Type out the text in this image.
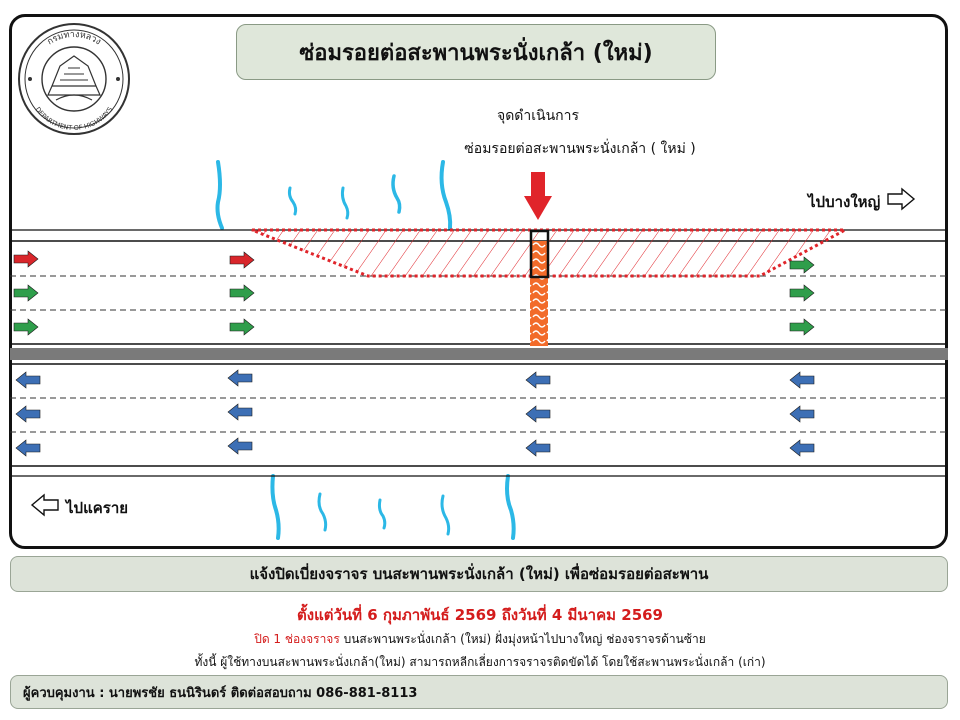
กรมทางหลวง
DEPARTMENT OF HIGHWAYS
ซ่อมรอยต่อสะพานพระนั่งเกล้า (ใหม่)
จุดดำเนินการ
ซ่อมรอยต่อสะพานพระนั่งเกล้า ( ใหม่ )
ไปบางใหญ่
ไปแคราย
แจ้งปิดเบี่ยงจราจร บนสะพานพระนั่งเกล้า (ใหม่) เพื่อซ่อมรอยต่อสะพาน
ตั้งแต่วันที่ 6 กุมภาพันธ์ 2569 ถึงวันที่ 4 มีนาคม 2569
ปิด 1 ช่องจราจร บนสะพานพระนั่งเกล้า (ใหม่) ฝั่งมุ่งหน้าไปบางใหญ่ ช่องจราจรด้านซ้าย
ทั้งนี้ ผู้ใช้ทางบนสะพานพระนั่งเกล้า(ใหม่) สามารถหลีกเลี่ยงการจราจรติดขัดได้ โดยใช้สะพานพระนั่งเกล้า (เก่า)
ผู้ควบคุมงาน : นายพรชัย ธนนิรินดร์ ติดต่อสอบถาม 086-881-8113
